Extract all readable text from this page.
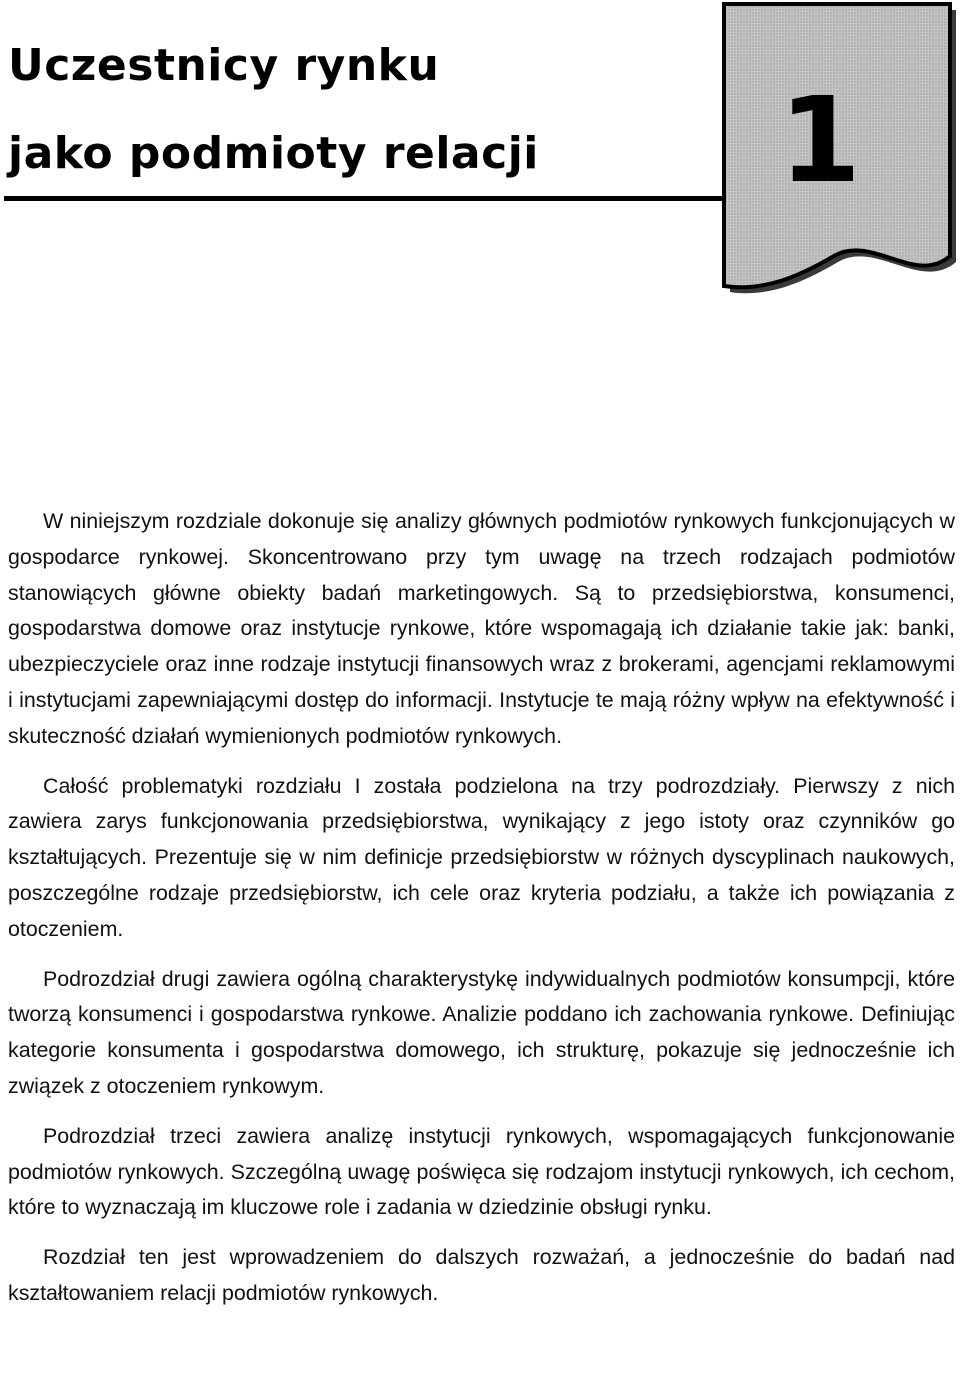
Uczestnicy rynku
jako podmioty relacji 1

W niniejszym rozdziale dokonuje się analizy głównych podmiotów rynkowych funkcjonujących w gospodarce rynkowej. Skoncentrowano przy tym uwagę na trzech rodzajach podmiotów stanowiących główne obiekty badań marketingowych. Są to przedsiębiorstwa, konsumenci, gospodarstwa domowe oraz instytucje rynkowe, które wspomagają ich działanie takie jak: banki, ubezpieczyciele oraz inne rodzaje instytucji finansowych wraz z brokerami, agencjami reklamowymi i instytucjami zapewniającymi dostęp do informacji. Instytucje te mają różny wpływ na efektywność i skuteczność działań wymienionych podmiotów rynkowych.

Całość problematyki rozdziału I została podzielona na trzy podrozdziały. Pierwszy z nich zawiera zarys funkcjonowania przedsiębiorstwa, wynikający z jego istoty oraz czynników go kształtujących. Prezentuje się w nim definicje przedsiębiorstw w różnych dyscyplinach naukowych, poszczególne rodzaje przedsiębiorstw, ich cele oraz kryteria podziału, a także ich powiązania z otoczeniem.

Podrozdział drugi zawiera ogólną charakterystykę indywidualnych podmiotów konsumpcji, które tworzą konsumenci i gospodarstwa rynkowe. Analizie poddano ich zachowania rynkowe. Definiując kategorie konsumenta i gospodarstwa domowego, ich strukturę, pokazuje się jednocześnie ich związek z otoczeniem rynkowym.

Podrozdział trzeci zawiera analizę instytucji rynkowych, wspomagających funkcjonowanie podmiotów rynkowych. Szczególną uwagę poświęca się rodzajom instytucji rynkowych, ich cechom, które to wyznaczają im kluczowe role i zadania w dziedzinie obsługi rynku.

Rozdział ten jest wprowadzeniem do dalszych rozważań, a jednocześnie do badań nad kształtowaniem relacji podmiotów rynkowych.
